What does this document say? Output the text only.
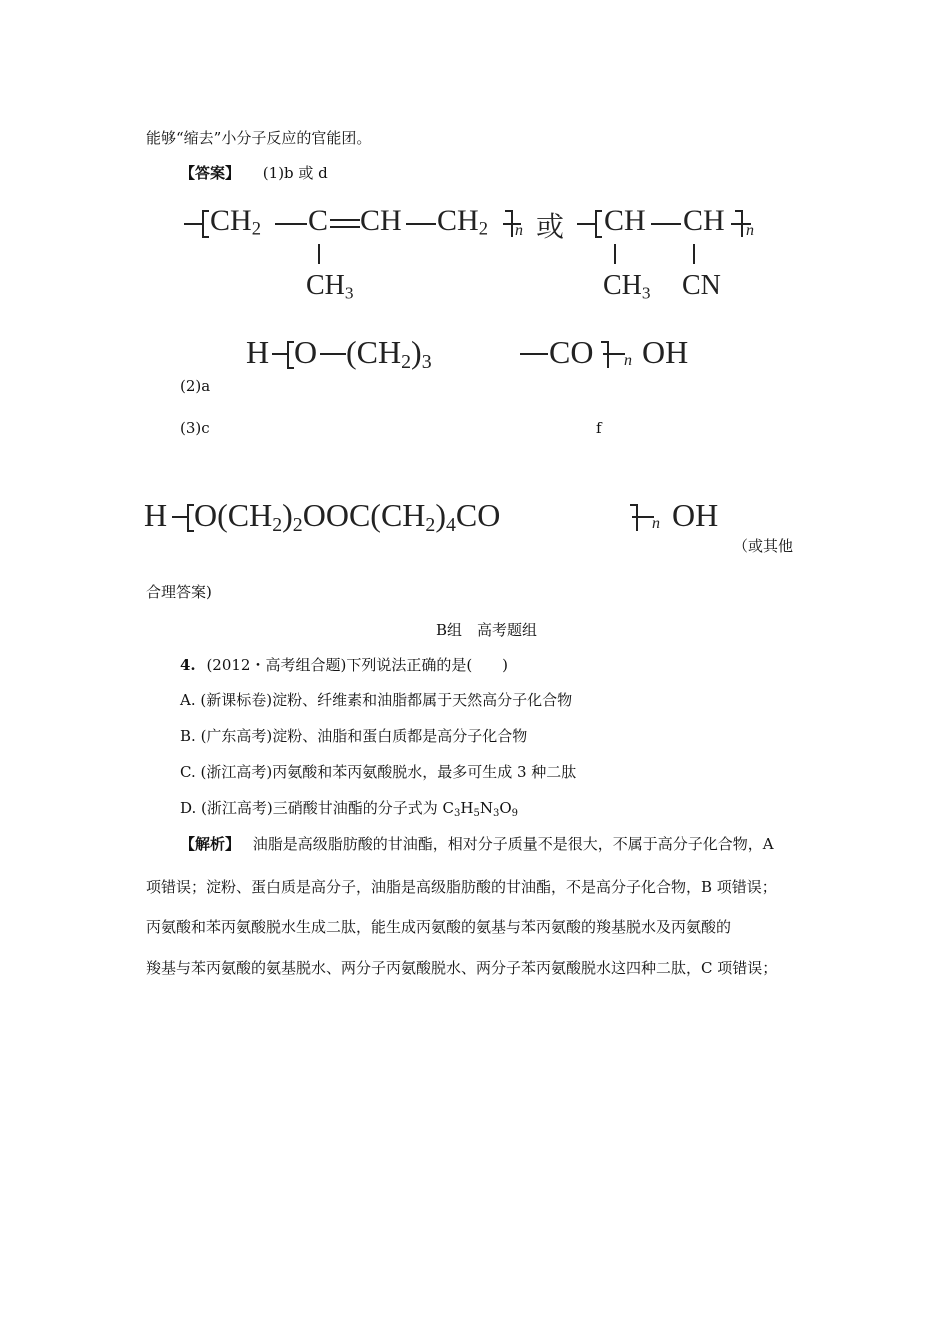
能够“缩去”小分子反应的官能团。
【答案】 (1)b 或 d
$CH_2$ C CH $CH_2$ n
$CH_3$
或 CH CH n
$CH_3$ CN
H O $(CH_2)_3$	CO n OH
(2)a
(3)c	f
H $O(CH_2)_2OOC(CH_2)_4CO$	n OH
（或其他
合理答案)
B组　高考题组
4. (2012・高考组合题)下列说法正确的是(　　)
A. (新课标卷)淀粉、纤维素和油脂都属于天然高分子化合物
B. (广东高考)淀粉、油脂和蛋白质都是高分子化合物
C. (浙江高考)丙氨酸和苯丙氨酸脱水，最多可生成 3 种二肽
D. (浙江高考)三硝酸甘油酯的分子式为 $C_3H_5N_3O_9$
【解析】 油脂是高级脂肪酸的甘油酯，相对分子质量不是很大，不属于高分子化合物，A
项错误；淀粉、蛋白质是高分子，油脂是高级脂肪酸的甘油酯，不是高分子化合物，B 项错误；
丙氨酸和苯丙氨酸脱水生成二肽，能生成丙氨酸的氨基与苯丙氨酸的羧基脱水及丙氨酸的
羧基与苯丙氨酸的氨基脱水、两分子丙氨酸脱水、两分子苯丙氨酸脱水这四种二肽，C 项错误；
